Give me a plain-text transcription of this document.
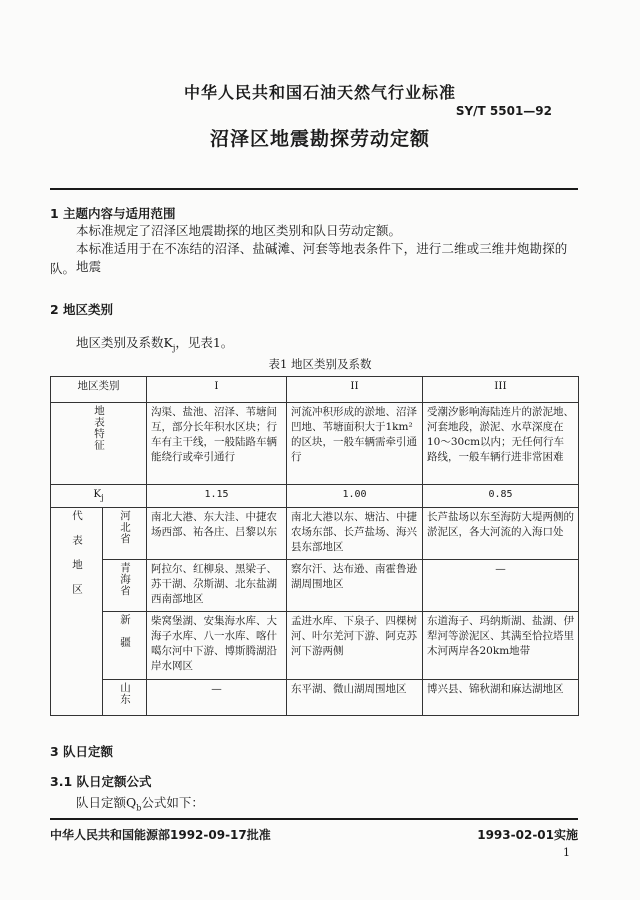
中华人民共和国石油天然气行业标准
SY/T 5501—92
沼泽区地震勘探劳动定额
1 主题内容与适用范围
本标准规定了沼泽区地震勘探的地区类别和队日劳动定额。
本标准适用于在不冻结的沼泽、盐碱滩、河套等地表条件下，进行二维或三维井炮勘探的地震
队。
2 地区类别
地区类别及系数$K_j$，见表1。
表1 地区类别及系数
地区类别		I	II	III
地表特征		沟渠、盐池、沼泽、苇塘间互，部分长年积水区块；行车有主干线，一般陆路车辆能绕行或牵引通行	河流冲积形成的淤地、沼泽凹地、苇塘面积大于1km²的区块，一般车辆需牵引通行	受潮汐影响海陆连片的淤泥地、河套地段，淤泥、水草深度在10～30cm以内；无任何行车路线，一般车辆行进非常困难
$K_j$		1.15	1.00	0.85
代表地区	河北省	南北大港、东大洼、中捷农场西部、祐各庄、吕黎以东	南北大港以东、塘沽、中捷农场东部、长芦盐场、海兴县东部地区	长芦盐场以东至海防大堤两侧的淤泥区，各大河流的入海口处
	青海省	阿拉尔、红柳泉、黑梁子、苏干湖、尕斯湖、北东盐湖西南部地区	察尔汗、达布逊、南霍鲁逊湖周围地区	—
	新疆	柴窝堡湖、安集海水库、大海子水库、八一水库、喀什噶尔河中下游、博斯腾湖沿岸水网区	孟进水库、下泉子、四棵树河、叶尔羌河下游、阿克苏河下游两侧	东道海子、玛纳斯湖、盐湖、伊犁河等淤泥区、其满至恰拉塔里木河两岸各20km地带
	山东	—	东平湖、微山湖周围地区	博兴县、锦秋湖和麻达湖地区
3 队日定额
3.1 队日定额公式
队日定额$Q_b$公式如下：
中华人民共和国能源部1992-09-17批准	1993-02-01实施
1
